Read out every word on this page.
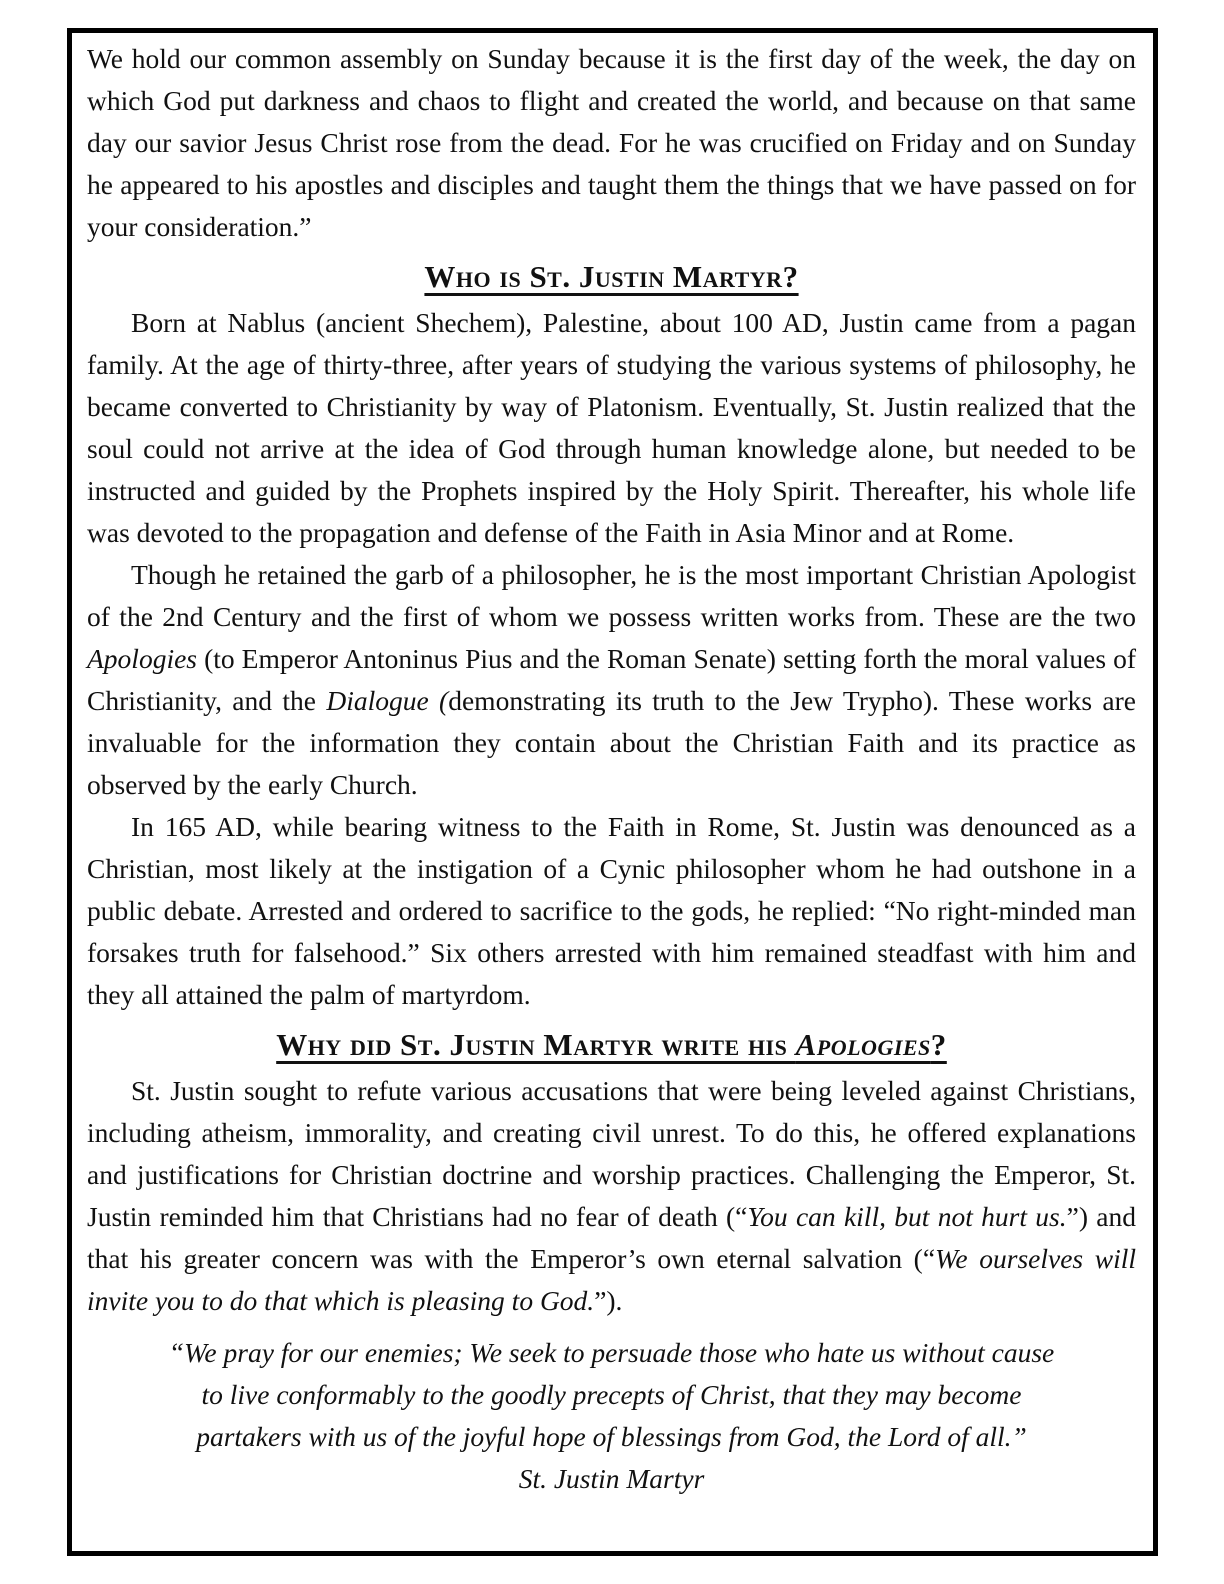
We hold our common assembly on Sunday because it is the first day of the week, the day on which God put darkness and chaos to flight and created the world, and because on that same day our savior Jesus Christ rose from the dead. For he was crucified on Friday and on Sunday he appeared to his apostles and disciples and taught them the things that we have passed on for your consideration.”

Who is St. Justin Martyr?

Born at Nablus (ancient Shechem), Palestine, about 100 AD, Justin came from a pagan family. At the age of thirty-three, after years of studying the various systems of philosophy, he became converted to Christianity by way of Platonism. Eventually, St. Justin realized that the soul could not arrive at the idea of God through human knowledge alone, but needed to be instructed and guided by the Prophets inspired by the Holy Spirit. Thereafter, his whole life was devoted to the propagation and defense of the Faith in Asia Minor and at Rome.

Though he retained the garb of a philosopher, he is the most important Christian Apologist of the 2nd Century and the first of whom we possess written works from. These are the two Apologies (to Emperor Antoninus Pius and the Roman Senate) setting forth the moral values of Christianity, and the Dialogue (demonstrating its truth to the Jew Trypho). These works are invaluable for the information they contain about the Christian Faith and its practice as observed by the early Church.

In 165 AD, while bearing witness to the Faith in Rome, St. Justin was denounced as a Christian, most likely at the instigation of a Cynic philosopher whom he had outshone in a public debate. Arrested and ordered to sacrifice to the gods, he replied: “No right-minded man forsakes truth for falsehood.” Six others arrested with him remained steadfast with him and they all attained the palm of martyrdom.

Why did St. Justin Martyr write his Apologies?

St. Justin sought to refute various accusations that were being leveled against Christians, including atheism, immorality, and creating civil unrest. To do this, he offered explanations and justifications for Christian doctrine and worship practices. Challenging the Emperor, St. Justin reminded him that Christians had no fear of death (“You can kill, but not hurt us.”) and that his greater concern was with the Emperor’s own eternal salvation (“We ourselves will invite you to do that which is pleasing to God.”).

“We pray for our enemies; We seek to persuade those who hate us without cause
to live conformably to the goodly precepts of Christ, that they may become
partakers with us of the joyful hope of blessings from God, the Lord of all.”
St. Justin Martyr
